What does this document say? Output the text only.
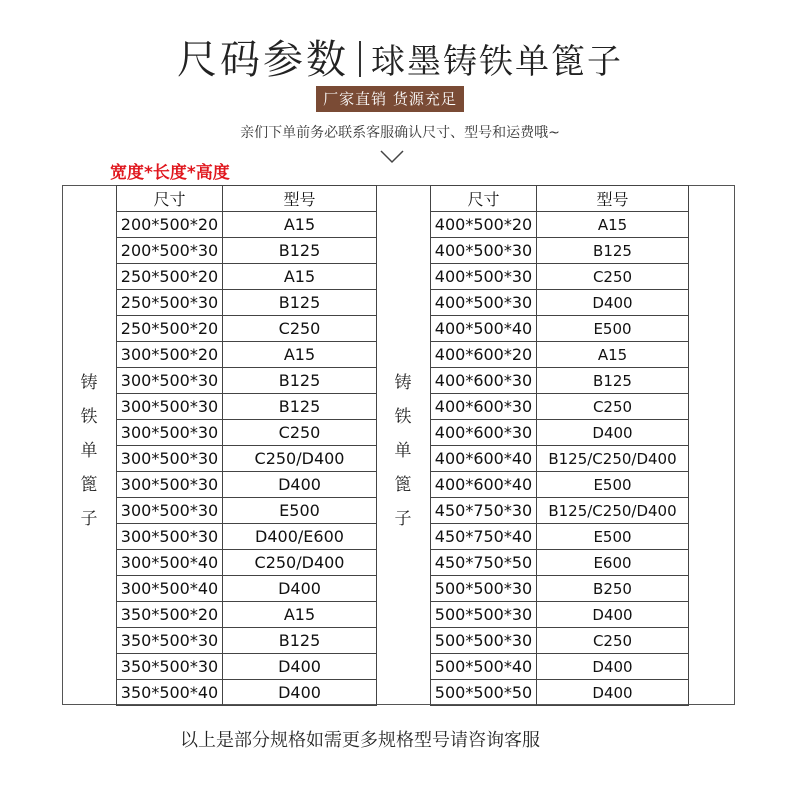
尺码参数 球墨铸铁单篦子
厂家直销 货源充足
亲们下单前务必联系客服确认尺寸、型号和运费哦~
宽度*长度*高度
铸
铁
单
篦
子
铸
铁
单
篦
子
尺寸	型号
200*500*20	A15
200*500*30	B125
250*500*20	A15
250*500*30	B125
250*500*20	C250
300*500*20	A15
300*500*30	B125
300*500*30	B125
300*500*30	C250
300*500*30	C250/D400
300*500*30	D400
300*500*30	E500
300*500*30	D400/E600
300*500*40	C250/D400
300*500*40	D400
350*500*20	A15
350*500*30	B125
350*500*30	D400
350*500*40	D400
尺寸	型号
400*500*20	A15
400*500*30	B125
400*500*30	C250
400*500*30	D400
400*500*40	E500
400*600*20	A15
400*600*30	B125
400*600*30	C250
400*600*30	D400
400*600*40	B125/C250/D400
400*600*40	E500
450*750*30	B125/C250/D400
450*750*40	E500
450*750*50	E600
500*500*30	B250
500*500*30	D400
500*500*30	C250
500*500*40	D400
500*500*50	D400
以上是部分规格如需更多规格型号请咨询客服
